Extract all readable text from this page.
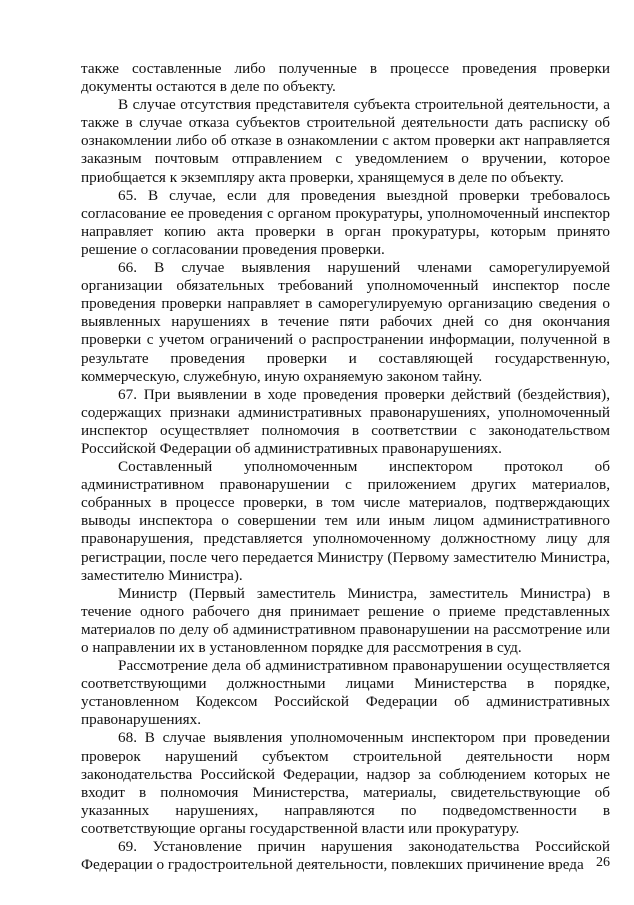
также составленные либо полученные в процессе проведения проверки документы остаются в деле по объекту.

В случае отсутствия представителя субъекта строительной деятельности, а также в случае отказа субъектов строительной деятельности дать расписку об ознакомлении либо об отказе в ознакомлении с актом проверки акт направляется заказным почтовым отправлением с уведомлением о вручении, которое приобщается к экземпляру акта проверки, хранящемуся в деле по объекту.

65. В случае, если для проведения выездной проверки требовалось согласование ее проведения с органом прокуратуры, уполномоченный инспектор направляет копию акта проверки в орган прокуратуры, которым принято решение о согласовании проведения проверки.

66. В случае выявления нарушений членами саморегулируемой организации обязательных требований уполномоченный инспектор после проведения проверки направляет в саморегулируемую организацию сведения о выявленных нарушениях в течение пяти рабочих дней со дня окончания проверки с учетом ограничений о распространении информации, полученной в результате проведения проверки и составляющей государственную, коммерческую, служебную, иную охраняемую законом тайну.

67. При выявлении в ходе проведения проверки действий (бездействия), содержащих признаки административных правонарушениях, уполномоченный инспектор осуществляет полномочия в соответствии с законодательством Российской Федерации об административных правонарушениях.

Составленный уполномоченным инспектором протокол об административном правонарушении с приложением других материалов, собранных в процессе проверки, в том числе материалов, подтверждающих выводы инспектора о совершении тем или иным лицом административного правонарушения, представляется уполномоченному должностному лицу для регистрации, после чего передается Министру (Первому заместителю Министра, заместителю Министра).

Министр (Первый заместитель Министра, заместитель Министра) в течение одного рабочего дня принимает решение о приеме представленных материалов по делу об административном правонарушении на рассмотрение или о направлении их в установленном порядке для рассмотрения в суд.

Рассмотрение дела об административном правонарушении осуществляется соответствующими должностными лицами Министерства в порядке, установленном Кодексом Российской Федерации об административных правонарушениях.

68. В случае выявления уполномоченным инспектором при проведении проверок нарушений субъектом строительной деятельности норм законодательства Российской Федерации, надзор за соблюдением которых не входит в полномочия Министерства, материалы, свидетельствующие об указанных нарушениях, направляются по подведомственности в соответствующие органы государственной власти или прокуратуру.

69. Установление причин нарушения законодательства Российской Федерации о градостроительной деятельности, повлекших причинение вреда 26
